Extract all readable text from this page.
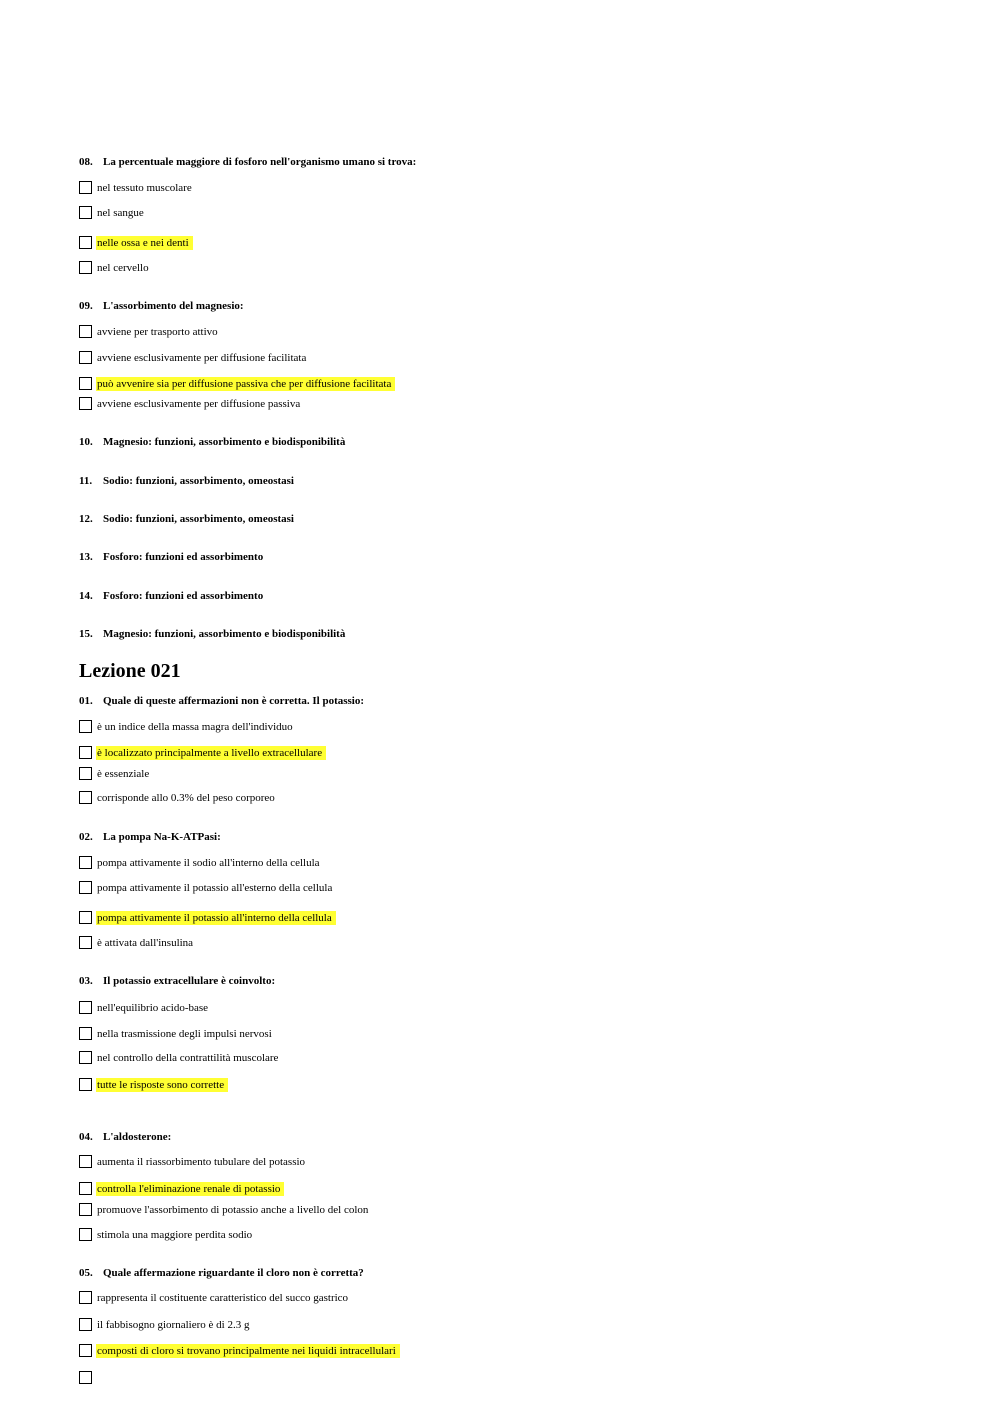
08. La percentuale maggiore di fosforo nell'organismo umano si trova:
nel tessuto muscolare
nel sangue
nelle ossa e nei denti
nel cervello
09. L'assorbimento del magnesio:
avviene per trasporto attivo
avviene esclusivamente per diffusione facilitata
può avvenire sia per diffusione passiva che per diffusione facilitata
avviene esclusivamente per diffusione passiva
10. Magnesio: funzioni, assorbimento e biodisponibilità
11. Sodio: funzioni, assorbimento, omeostasi
12. Sodio: funzioni, assorbimento, omeostasi
13. Fosforo: funzioni ed assorbimento
14. Fosforo: funzioni ed assorbimento
15. Magnesio: funzioni, assorbimento e biodisponibilità
Lezione 021
01. Quale di queste affermazioni non è corretta. Il potassio:
è un indice della massa magra dell'individuo
è localizzato principalmente a livello extracellulare
è essenziale
corrisponde allo 0.3% del peso corporeo
02. La pompa Na-K-ATPasi:
pompa attivamente il sodio all'interno della cellula
pompa attivamente il potassio all'esterno della cellula
pompa attivamente il potassio all'interno della cellula
è attivata dall'insulina
03. Il potassio extracellulare è coinvolto:
nell'equilibrio acido-base
nella trasmissione degli impulsi nervosi
nel controllo della contrattilità muscolare
tutte le risposte sono corrette
04. L'aldosterone:
aumenta il riassorbimento tubulare del potassio
controlla l'eliminazione renale di potassio
promuove l'assorbimento di potassio anche a livello del colon
stimola una maggiore perdita sodio
05. Quale affermazione riguardante il cloro non è corretta?
rappresenta il costituente caratteristico del succo gastrico
il fabbisogno giornaliero è di 2.3 g
composti di cloro si trovano principalmente nei liquidi intracellulari
